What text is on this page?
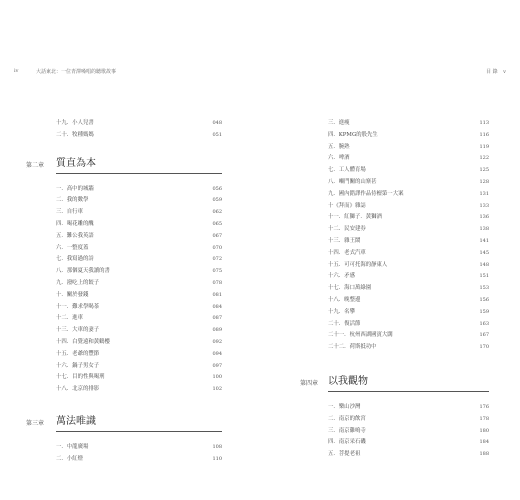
iv	大話東北：一位青澤嗓唱的聽歌故事	目 錄 v
十九．小人兒書	048
二十．牧種媽媽	051
第二章 質直為本
一．高中的城牆	056
二．我的數學	059
三．自行車	062
四．喝花雕的醜	065
五．難公我英語	067
六．一整度蓋	070
七．我寫過的詩	072
八．那個夏天我讀的書	075
九．潑吃上的餃子	078
十．關於發錢	081
十一．難求學喝茶	084
十二．進車	087
十三．大車的妻子	089
十四．白覺遠和黃鶴樓	092
十五．老爺的豐節	094
十六．鍋子男女子	097
十七．目的性與喝刑	100
十八．北京的排影	102
第三章 萬法唯識
一．中龍廣場	108
二．小紅燈	110
三．進瘦	113
四．KPMG的股先生	116
五．腕熟	119
六．啤酒	122
七．工人體育場	125
八．噸門關的山寨甚	128
九．國內錯譯作品侍檀第一大案	131
十《拜而》雜誌	133
十一．紅獅子．黃獅酒	136
十二．民安建券	138
十三．雜王鬧	141
十四．老式汽車	145
十五．可可托海的靜東人	148
十六．矛感	151
十七．海口萬綠園	153
十八．晚整邊	156
十九．名攀	159
二十．復活節	163
二十一．杭州西湖國賓大闊	167
二十二．荷斯抵功中	170
第四章 以我觀物
一．樂山沙灣	176
二．南京的飲宮	178
三．南京雞鳴寺	180
四．南京采石磯	184
五．菩提老祖	188
